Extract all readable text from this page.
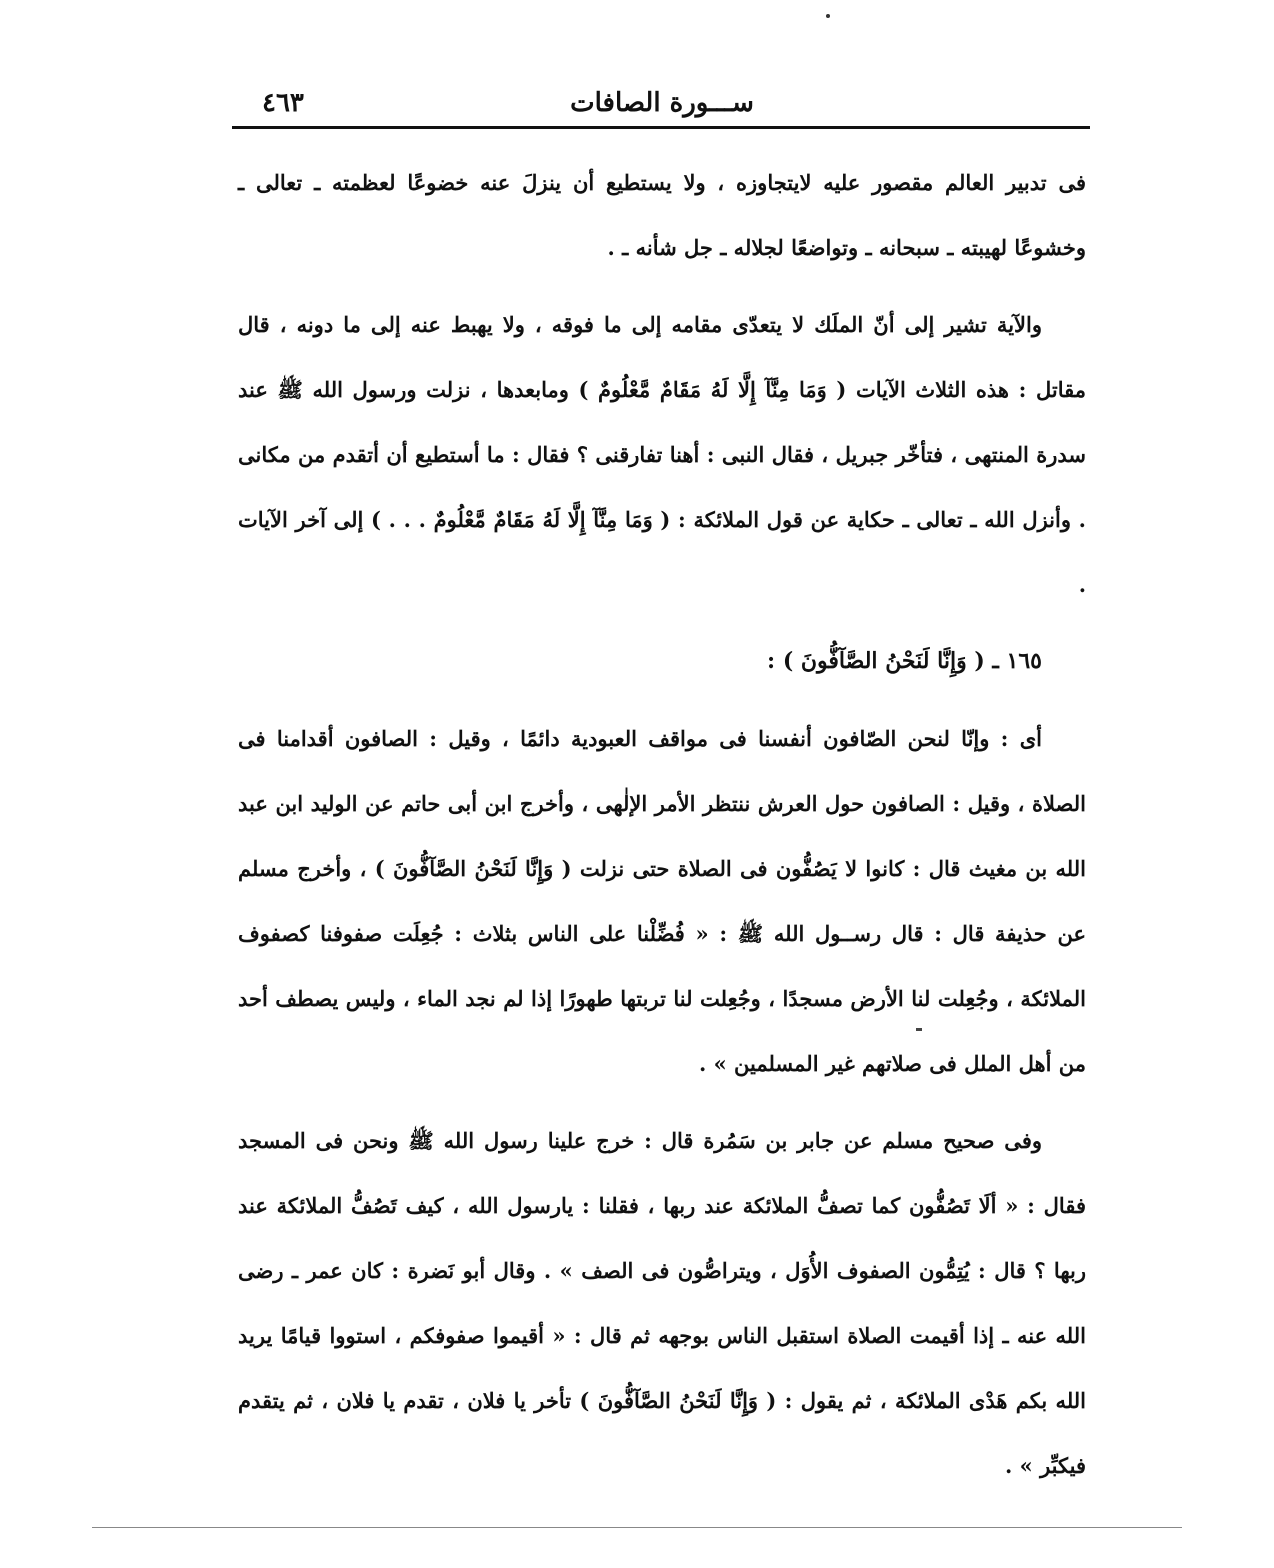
ســـورة الصافات
٤٦٣

فى تدبير العالم مقصور عليه لايتجاوزه ، ولا يستطيع أن ينزلَ عنه خضوعًا لعظمته ـ تعالى ـ وخشوعًا لهيبته ـ سبحانه ـ وتواضعًا لجلاله ـ جل شأنه ـ .

والآية تشير إلى أنّ الملَك لا يتعدّى مقامه إلى ما فوقه ، ولا يهبط عنه إلى ما دونه ، قال مقاتل : هذه الثلاث الآيات ( وَمَا مِنَّآ إِلَّا لَهُ مَقَامٌ مَّعْلُومٌ ) ومابعدها ، نزلت ورسول الله ﷺ عند سدرة المنتهى ، فتأخّر جبريل ، فقال النبى : أهنا تفارقنى ؟ فقال : ما أستطيع أن أتقدم من مكانى . وأنزل الله ـ تعالى ـ حكاية عن قول الملائكة : ( وَمَا مِنَّآ إِلَّا لَهُ مَقَامٌ مَّعْلُومٌ . . . ) إلى آخر الآيات .

١٦٥ ـ ( وَإِنَّا لَنَحْنُ الصَّآفُّونَ ) :

أى : وإنّا لنحن الصّافون أنفسنا فى مواقف العبودية دائمًا ، وقيل : الصافون أقدامنا فى الصلاة ، وقيل : الصافون حول العرش ننتظر الأمر الإلٰهى ، وأخرج ابن أبى حاتم عن الوليد ابن عبد الله بن مغيث قال : كانوا لا يَصُفُّون فى الصلاة حتى نزلت ( وَإِنَّا لَنَحْنُ الصَّآفُّونَ ) ، وأخرج مسلم عن حذيفة قال : قال رســول الله ﷺ : « فُضِّلْنا على الناس بثلاث : جُعِلَت صفوفنا كصفوف الملائكة ، وجُعِلت لنا الأرض مسجدًا ، وجُعِلت لنا تربتها طهورًا إذا لم نجد الماء ، وليس يصطف أحد من أهل الملل فى صلاتهم غير المسلمين » .

وفى صحيح مسلم عن جابر بن سَمُرة قال : خرج علينا رسول الله ﷺ ونحن فى المسجد فقال : « ألَا تَصُفُّون كما تصفُّ الملائكة عند ربها ، فقلنا : يارسول الله ، كيف تَصُفُّ الملائكة عند ربها ؟ قال : يُتِمُّون الصفوف الأُوَل ، ويتراصُّون فى الصف » . وقال أبو نَضرة : كان عمر ـ رضى الله عنه ـ إذا أقيمت الصلاة استقبل الناس بوجهه ثم قال : « أقيموا صفوفكم ، استووا قيامًا يريد الله بكم هَدْى الملائكة ، ثم يقول : ( وَإِنَّا لَنَحْنُ الصَّآفُّونَ ) تأخر يا فلان ، تقدم يا فلان ، ثم يتقدم فيكبِّر » .
